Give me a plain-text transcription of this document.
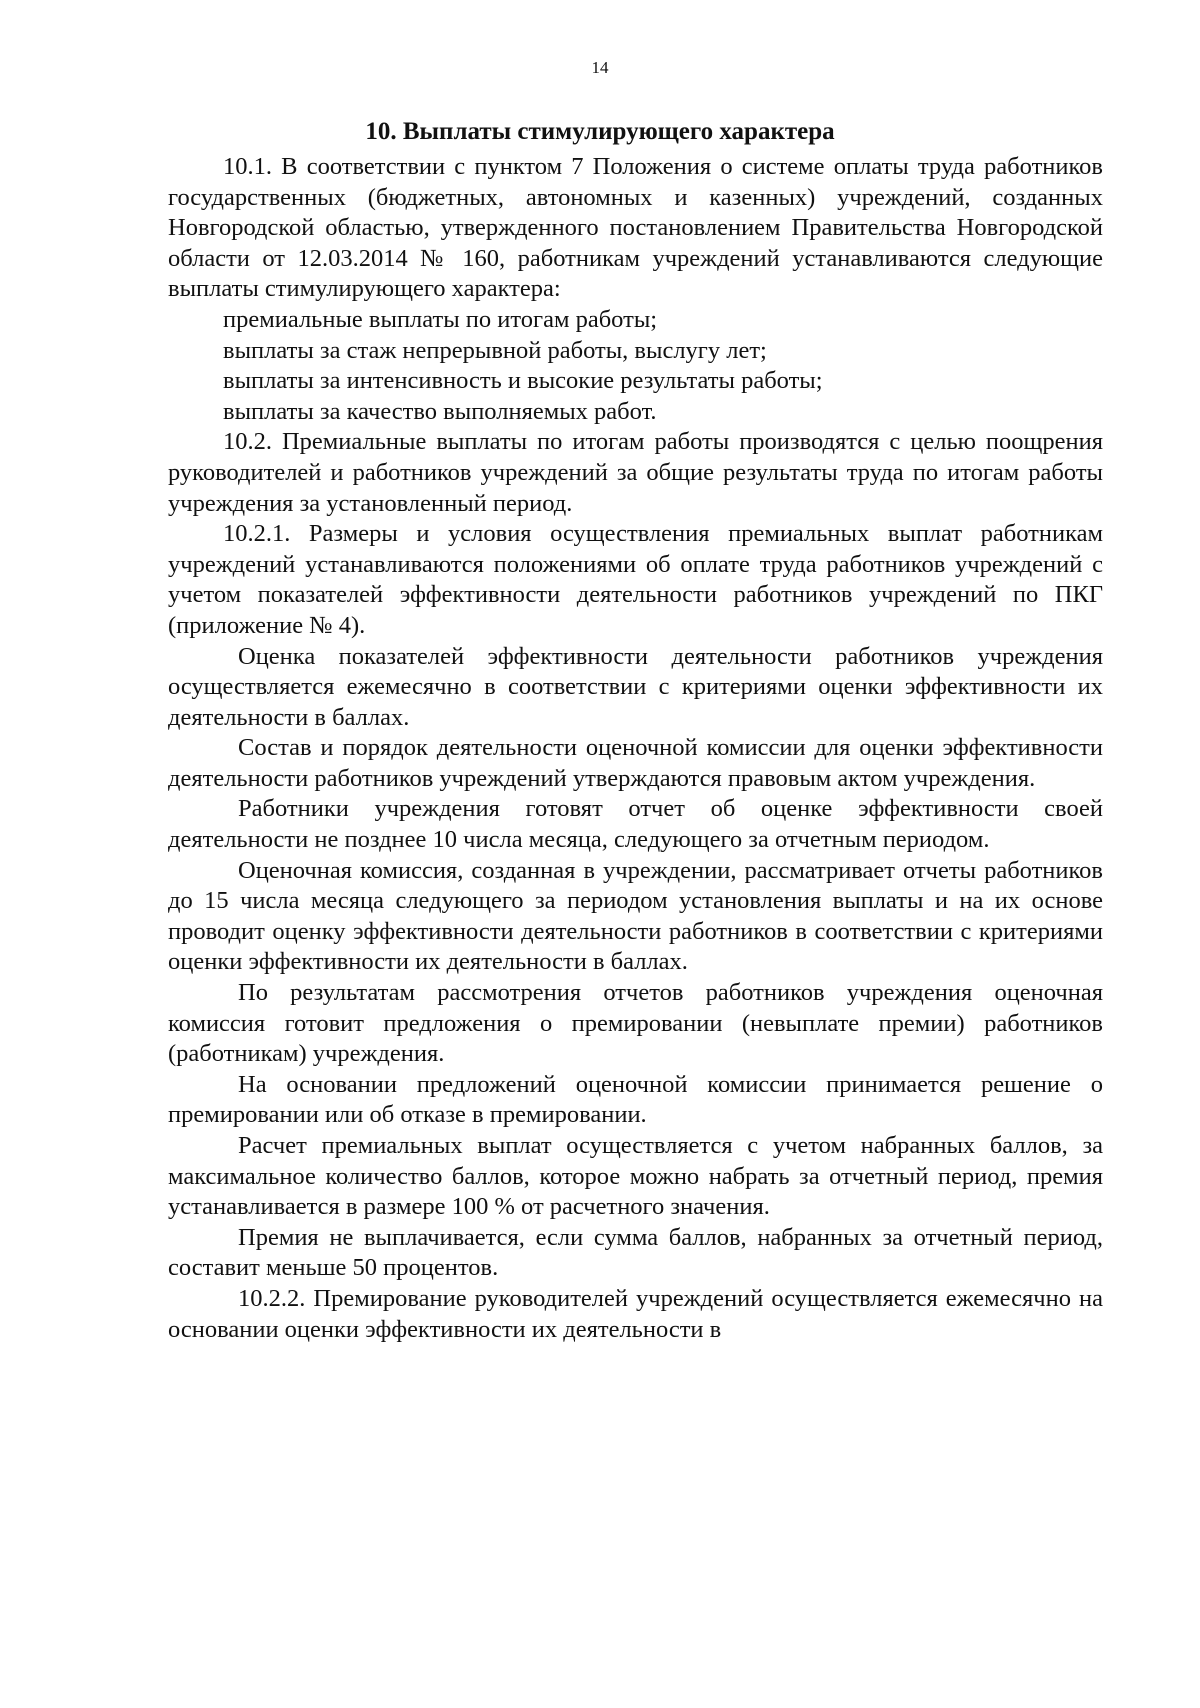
14
10. Выплаты стимулирующего характера

10.1. В соответствии с пунктом 7 Положения о системе оплаты труда работников государственных (бюджетных, автономных и казенных) учреждений, созданных Новгородской областью, утвержденного постановлением Правительства Новгородской области от 12.03.2014 № 160, работникам учреждений устанавливаются следующие выплаты стимулирующего характера:

премиальные выплаты по итогам работы;

выплаты за стаж непрерывной работы, выслугу лет;

выплаты за интенсивность и высокие результаты работы;

выплаты за качество выполняемых работ.

10.2. Премиальные выплаты по итогам работы производятся с целью поощрения руководителей и работников учреждений за общие результаты труда по итогам работы учреждения за установленный период.

10.2.1. Размеры и условия осуществления премиальных выплат работникам учреждений устанавливаются положениями об оплате труда работников учреждений с учетом показателей эффективности деятельности работников учреждений по ПКГ (приложение № 4).

Оценка показателей эффективности деятельности работников учреждения осуществляется ежемесячно в соответствии с критериями оценки эффективности их деятельности в баллах.

Состав и порядок деятельности оценочной комиссии для оценки эффективности деятельности работников учреждений утверждаются правовым актом учреждения.

Работники учреждения готовят отчет об оценке эффективности своей деятельности не позднее 10 числа месяца, следующего за отчетным периодом.

Оценочная комиссия, созданная в учреждении, рассматривает отчеты работников до 15 числа месяца следующего за периодом установления выплаты и на их основе проводит оценку эффективности деятельности работников в соответствии с критериями оценки эффективности их деятельности в баллах.

По результатам рассмотрения отчетов работников учреждения оценочная комиссия готовит предложения о премировании (невыплате премии) работников (работникам) учреждения.

На основании предложений оценочной комиссии принимается решение о премировании или об отказе в премировании.

Расчет премиальных выплат осуществляется с учетом набранных баллов, за максимальное количество баллов, которое можно набрать за отчетный период, премия устанавливается в размере 100 % от расчетного значения.

Премия не выплачивается, если сумма баллов, набранных за отчетный период, составит меньше 50 процентов.

10.2.2. Премирование руководителей учреждений осуществляется ежемесячно на основании оценки эффективности их деятельности в
